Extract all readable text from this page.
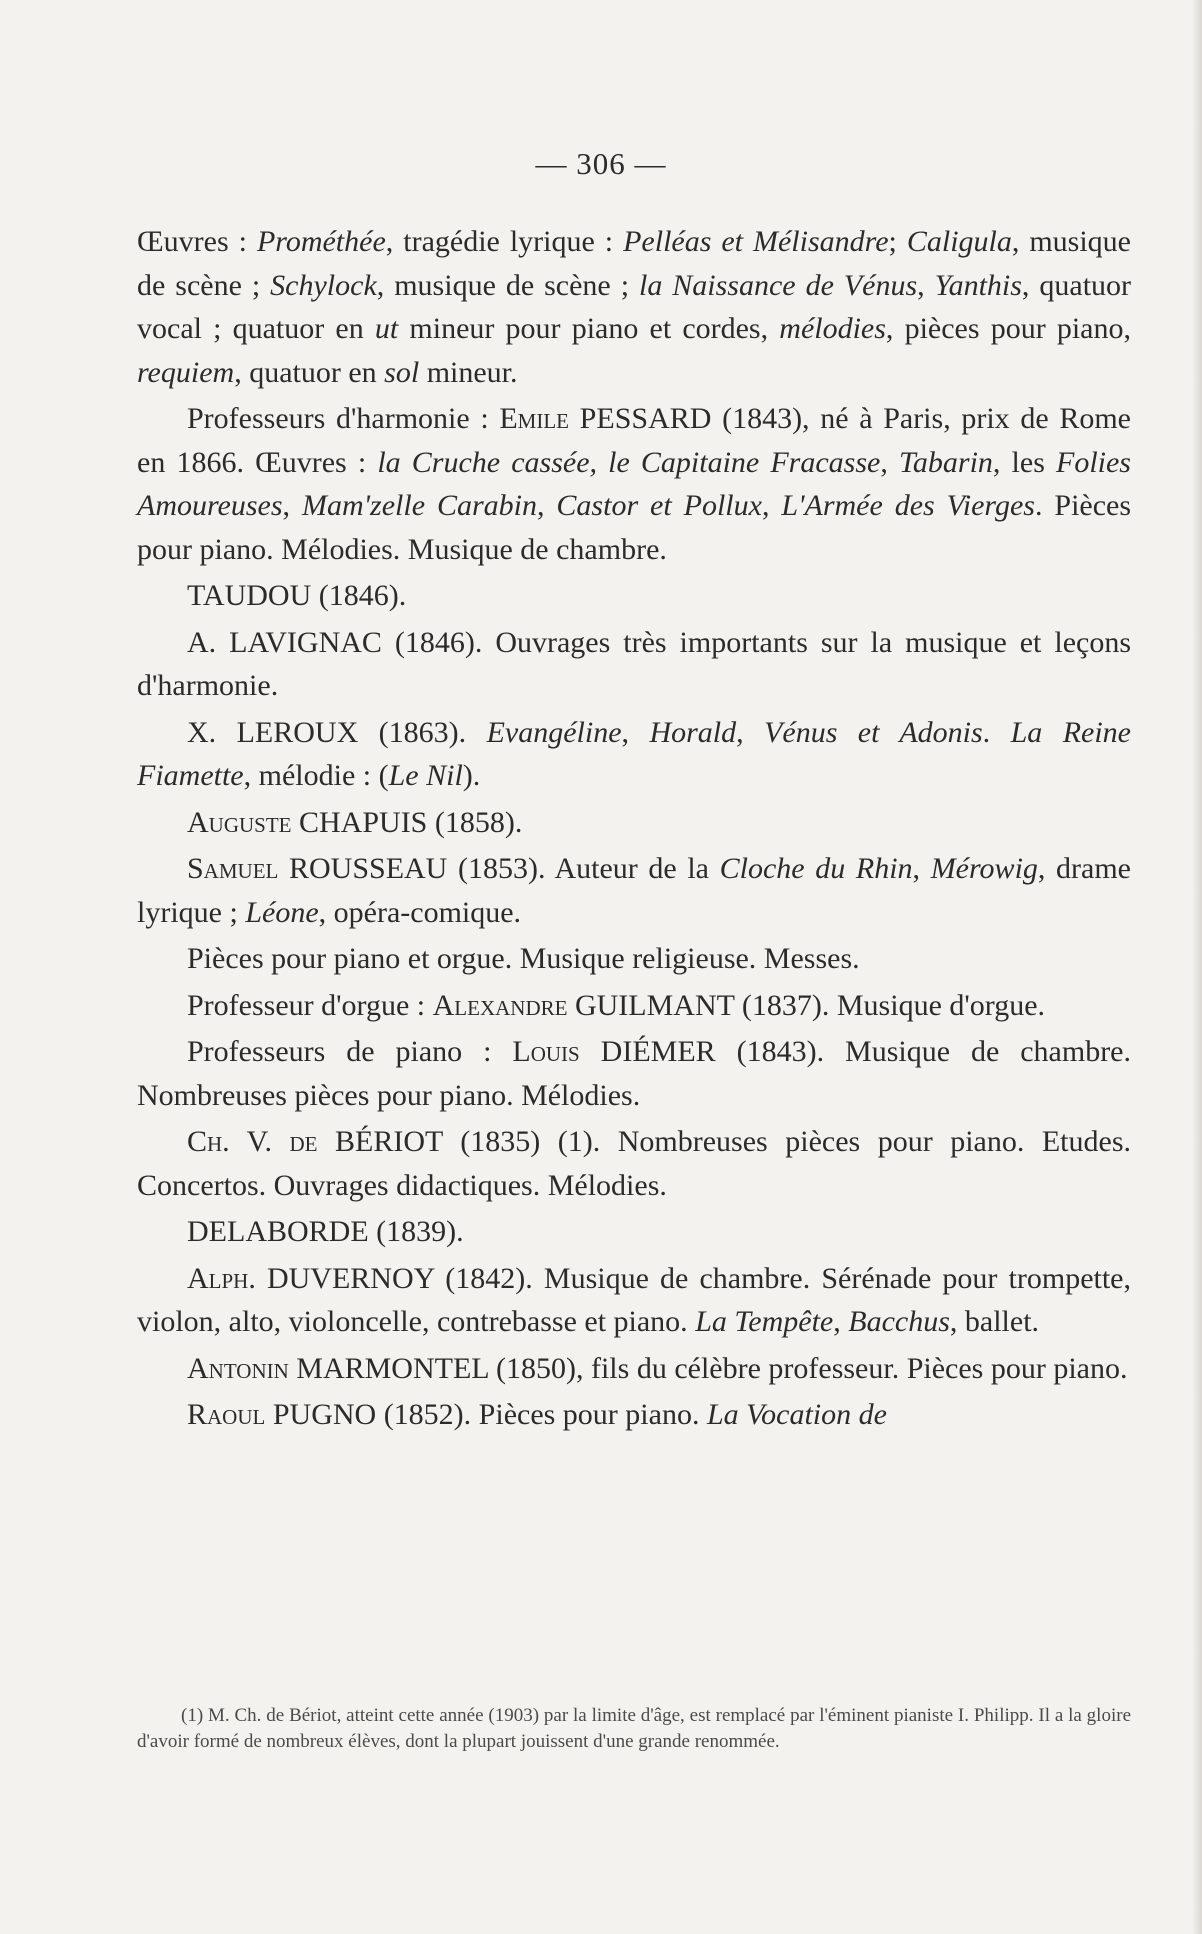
— 306 —

Œuvres : Prométhée, tragédie lyrique : Pelléas et Mélisandre; Caligula, musique de scène ; Schylock, musique de scène ; la Naissance de Vénus, Yanthis, quatuor vocal ; quatuor en ut mineur pour piano et cordes, mélodies, pièces pour piano, requiem, quatuor en sol mineur.

Professeurs d'harmonie : Emile PESSARD (1843), né à Paris, prix de Rome en 1866. Œuvres : la Cruche cassée, le Capitaine Fracasse, Tabarin, les Folies Amoureuses, Mam'zelle Carabin, Castor et Pollux, L'Armée des Vierges. Pièces pour piano. Mélodies. Musique de chambre.

TAUDOU (1846).

A. LAVIGNAC (1846). Ouvrages très importants sur la musique et leçons d'harmonie.

X. LEROUX (1863). Evangéline, Horald, Vénus et Adonis. La Reine Fiamette, mélodie : (Le Nil).

Auguste CHAPUIS (1858).

Samuel ROUSSEAU (1853). Auteur de la Cloche du Rhin, Mérowig, drame lyrique ; Léone, opéra-comique.

Pièces pour piano et orgue. Musique religieuse. Messes.

Professeur d'orgue : Alexandre GUILMANT (1837). Musique d'orgue.

Professeurs de piano : Louis DIÉMER (1843). Musique de chambre. Nombreuses pièces pour piano. Mélodies.

Ch. V. de BÉRIOT (1835) (1). Nombreuses pièces pour piano. Etudes. Concertos. Ouvrages didactiques. Mélodies.

DELABORDE (1839).

Alph. DUVERNOY (1842). Musique de chambre. Sérénade pour trompette, violon, alto, violoncelle, contrebasse et piano. La Tempête, Bacchus, ballet.

Antonin MARMONTEL (1850), fils du célèbre professeur. Pièces pour piano.

Raoul PUGNO (1852). Pièces pour piano. La Vocation de

(1) M. Ch. de Bériot, atteint cette année (1903) par la limite d'âge, est remplacé par l'éminent pianiste I. Philipp. Il a la gloire d'avoir formé de nombreux élèves, dont la plupart jouissent d'une grande renommée.
